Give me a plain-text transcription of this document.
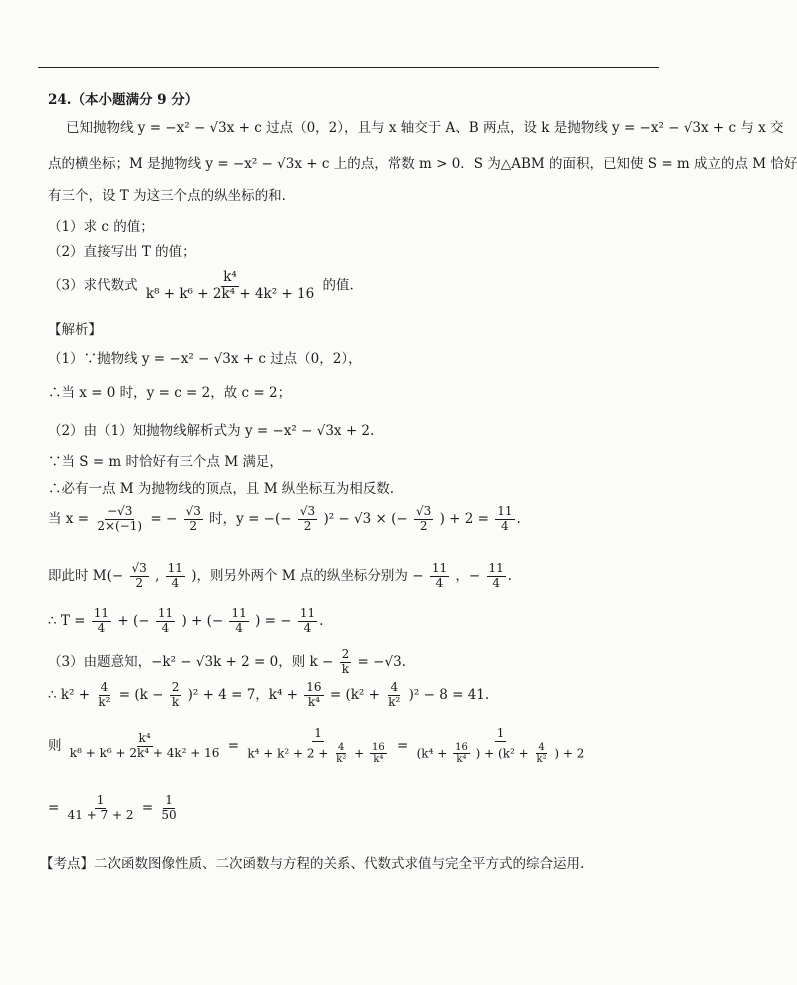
24.（本小题满分 9 分）
已知抛物线 y = −x² − √3x + c 过点（0，2），且与 x 轴交于 A、B 两点，设 k 是抛物线 y = −x² − √3x + c 与 x 交
点的横坐标；M 是抛物线 y = −x² − √3x + c 上的点，常数 m > 0．S 为△ABM 的面积，已知使 S = m 成立的点 M 恰好
有三个，设 T 为这三个点的纵坐标的和.
（1）求 c 的值；
（2）直接写出 T 的值；
（3）求代数式 $\frac{\text{k⁴}}{\text{k⁸ + k⁶ + 2k⁴ + 4k² + 16}}$ 的值.
【解析】
（1）∵抛物线 y = −x² − √3x + c 过点（0，2），
∴当 x = 0 时，y = c = 2，故 c = 2；
（2）由（1）知抛物线解析式为 y = −x² − √3x + 2.
∵当 S = m 时恰好有三个点 M 满足，
∴必有一点 M 为抛物线的顶点，且 M 纵坐标互为相反数.
当 $x = \frac{-√3}{2\times(-1)}$ = − $\frac{√3}{2}$ 时，y = −(− $\frac{√3}{2} )^2 - √3$ × (− $\frac{√3}{2}$ ) + $2 = \frac{11}{4}$ .
即此时 $M(- \frac{√3}{2}$ , $\frac{11}{4}$ )，则另外两个 M 点的纵坐标分别为 − $\frac{11}{4}$ ，− $\frac{11}{4}$ .
∴ $T = \frac{11}{4}$ + (− $\frac{11}{4}$ ) + (− $\frac{11}{4}$ ) = − $\frac{11}{4}$ .
（3）由题意知，−k² − √3k + 2 = 0，则 $k - \frac{2}{k} = -√3$.
∴ $k^2 + \frac{4}{\text{k²}} = (k - \frac{2}{k} )^2 + 4 = 7$，$k^4 + \frac{16}{\text{k⁴}} = (k^2 + \frac{4}{\text{k²}} )^2 - 8 = 41$.
则 $\frac{\text{k⁴}}{\text{k⁸ + k⁶ + 2k⁴ + 4k² + 16}} = \frac{1}{k^4 + k^2 + 2 + \frac{4}{\text{k²}} + \frac{16}{\text{k⁴}}} = \frac{1}{(k^4 + \frac{16}{\text{k⁴}} ) + (k^2 + \frac{4}{\text{k²}} ) + 2}$
= $\frac{1}{41 + 7 + 2} = \frac{1}{50}$
【考点】二次函数图像性质、二次函数与方程的关系、代数式求值与完全平方式的综合运用.
